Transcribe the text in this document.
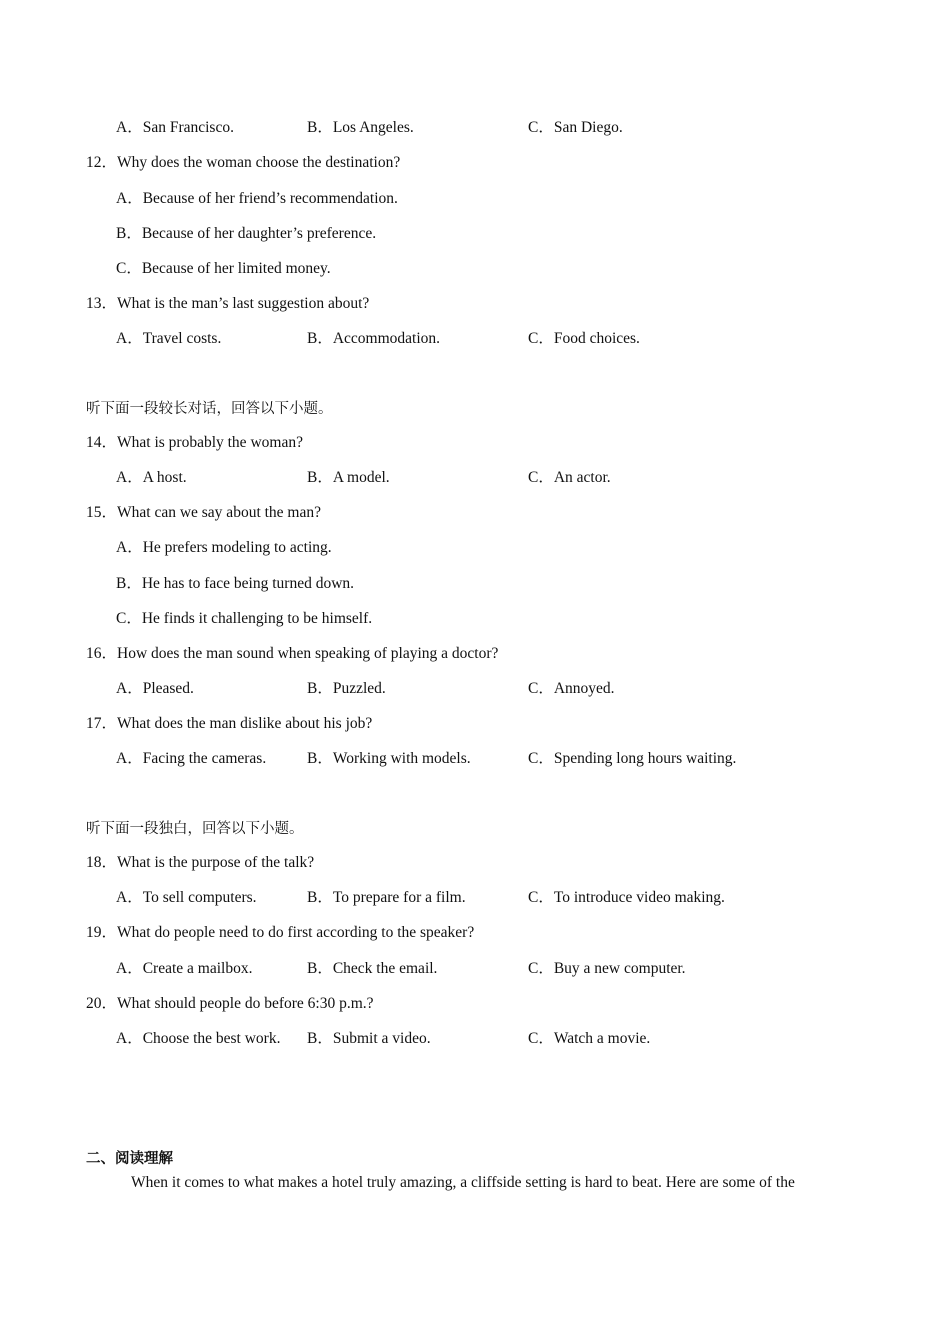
A．San Francisco.	B．Los Angeles.	C．San Diego.
12．Why does the woman choose the destination?
A．Because of her friend’s recommendation.
B．Because of her daughter’s preference.
C．Because of her limited money.
13．What is the man’s last suggestion about?
A．Travel costs.	B．Accommodation.	C．Food choices.
听下面一段较长对话，回答以下小题。
14．What is probably the woman?
A．A host.	B．A model.	C．An actor.
15．What can we say about the man?
A．He prefers modeling to acting.
B．He has to face being turned down.
C．He finds it challenging to be himself.
16．How does the man sound when speaking of playing a doctor?
A．Pleased.	B．Puzzled.	C．Annoyed.
17．What does the man dislike about his job?
A．Facing the cameras.	B．Working with models.	C．Spending long hours waiting.
听下面一段独白，回答以下小题。
18．What is the purpose of the talk?
A．To sell computers.	B．To prepare for a film.	C．To introduce video making.
19．What do people need to do first according to the speaker?
A．Create a mailbox.	B．Check the email.	C．Buy a new computer.
20．What should people do before 6:30 p.m.?
A．Choose the best work. B．Submit a video.	C．Watch a movie.
二、阅读理解
When it comes to what makes a hotel truly amazing, a cliffside setting is hard to beat. Here are some of the
